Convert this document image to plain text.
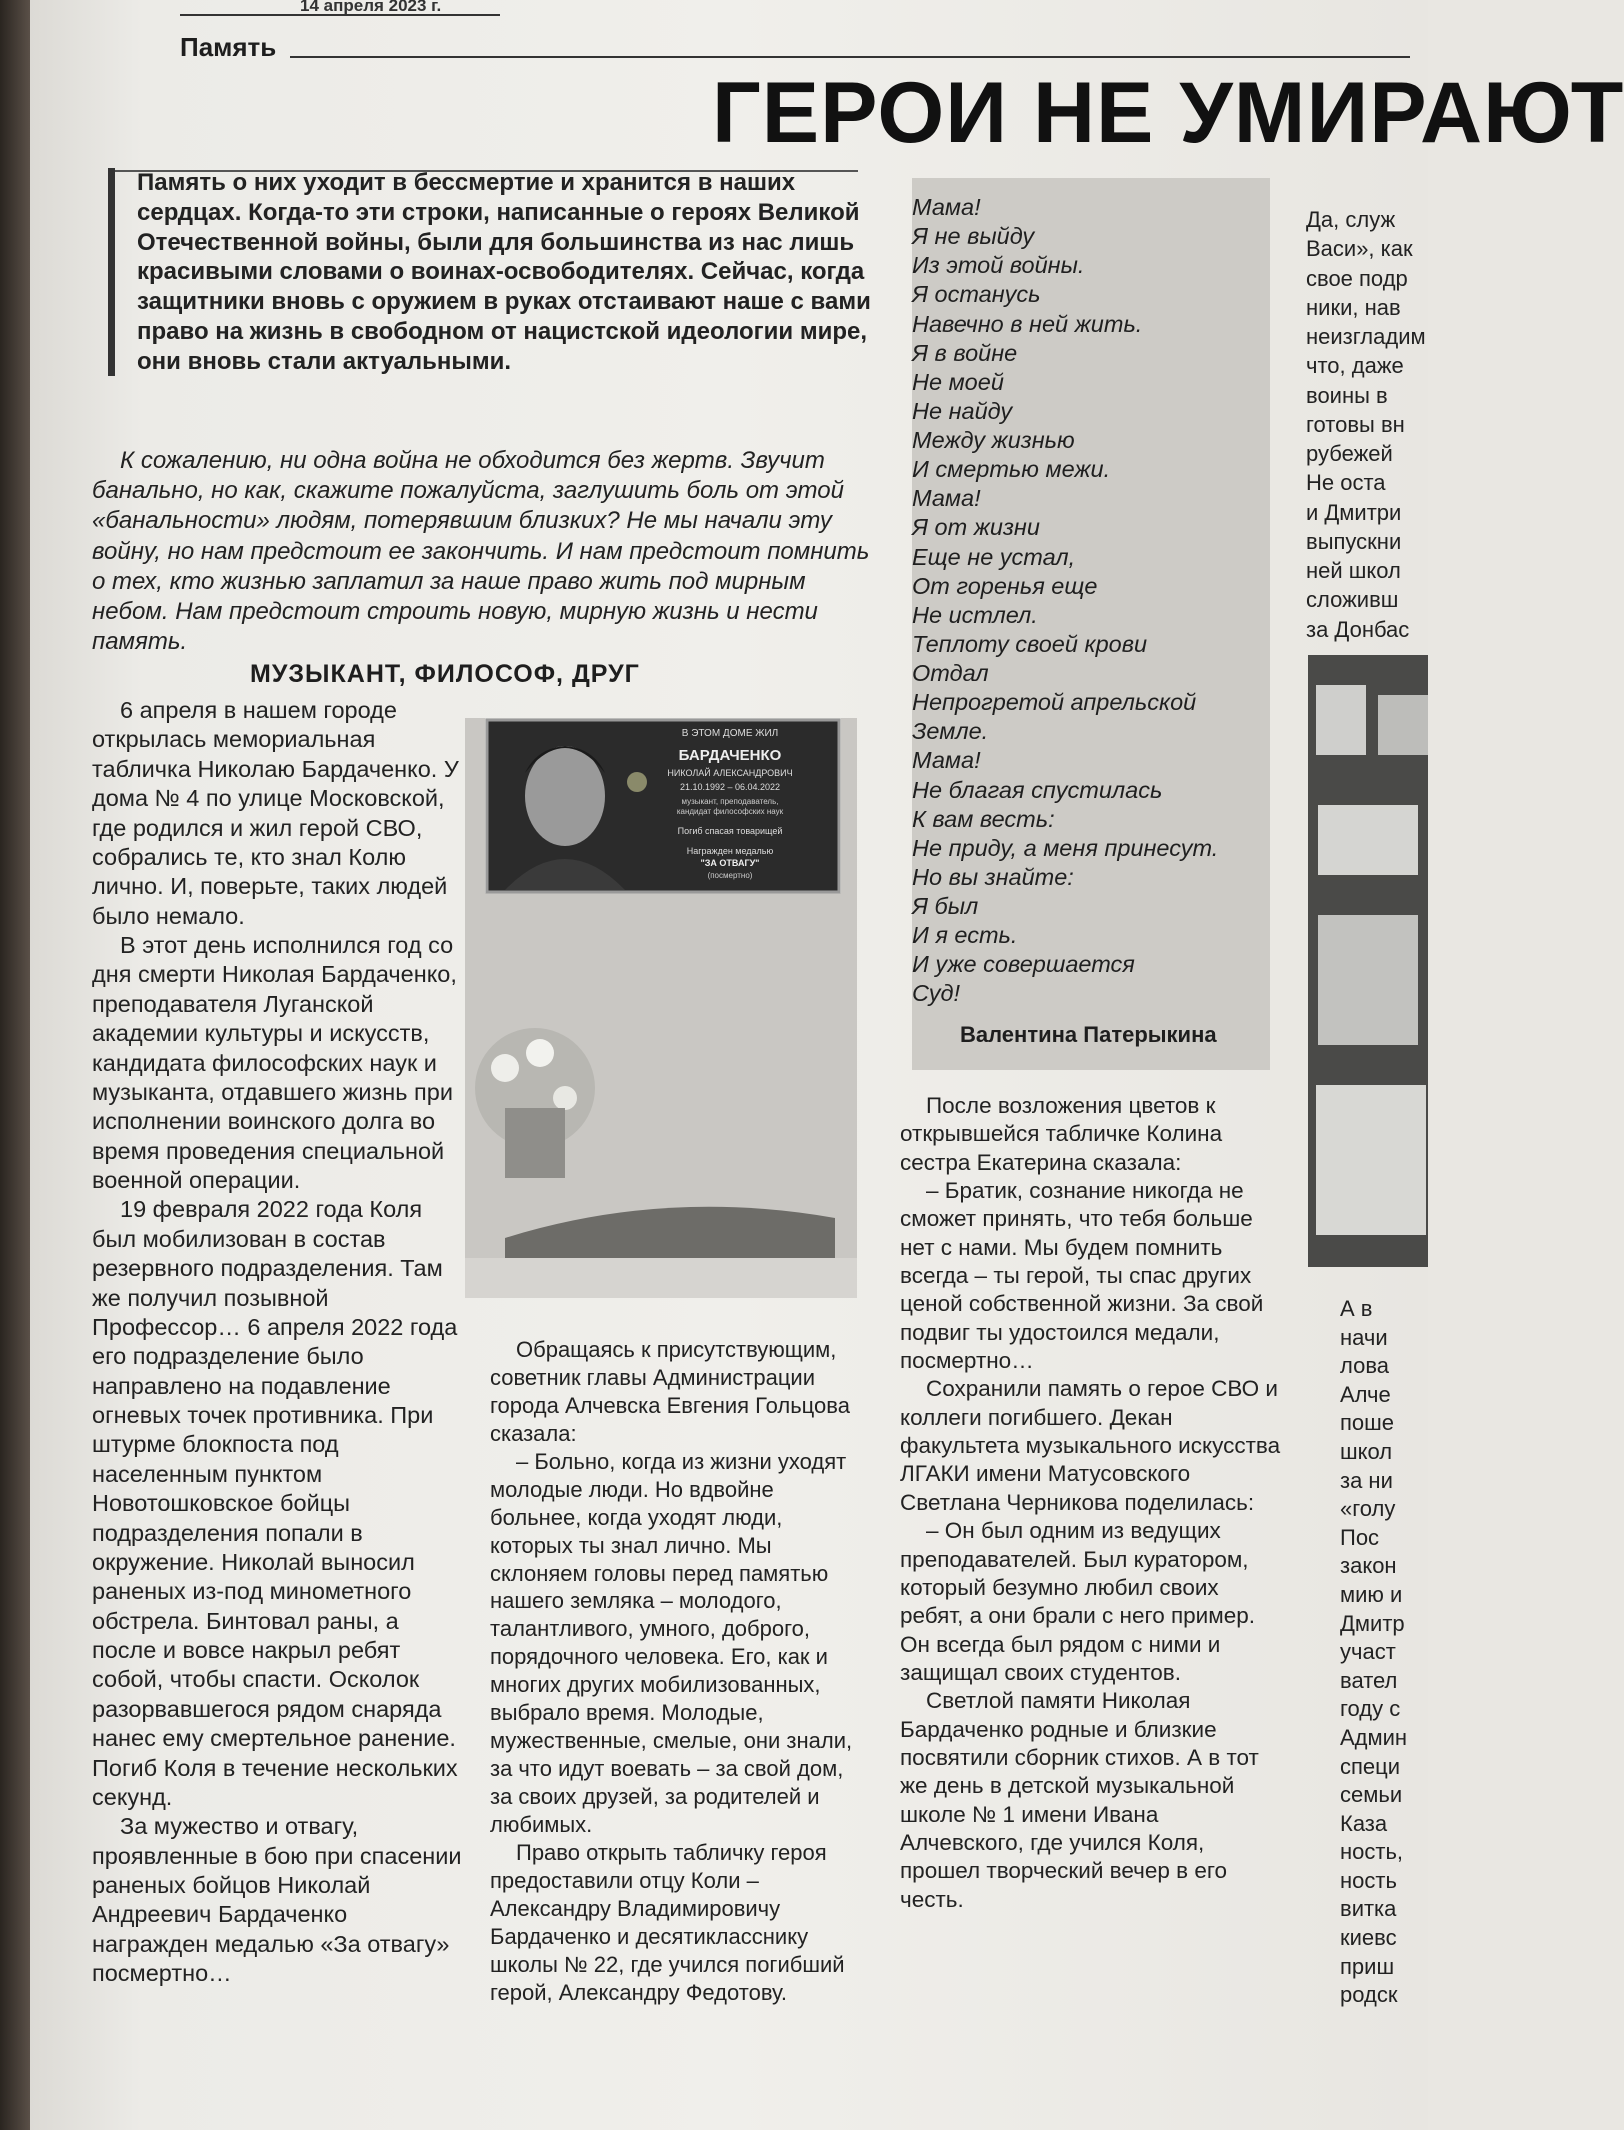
14 апреля 2023 г.
Память
ГЕРОИ НЕ УМИРАЮТ

Память о них уходит в бессмертие и хранится в наших сердцах. Когда-то эти строки, написанные о героях Великой Отечественной войны, были для большинства из нас лишь красивыми словами о воинах-освободителях. Сейчас, когда защитники вновь с оружием в руках отстаивают наше с вами право на жизнь в свободном от нацистской идеологии мире, они вновь стали актуальными.

К сожалению, ни одна война не обходится без жертв. Звучит банально, но как, скажите пожалуйста, заглушить боль от этой «банальности» людям, потерявшим близких? Не мы начали эту войну, но нам предстоит ее закончить. И нам предстоит помнить о тех, кто жизнью заплатил за наше право жить под мирным небом. Нам предстоит строить новую, мирную жизнь и нести память.

МУЗЫКАНТ, ФИЛОСОФ, ДРУГ

6 апреля в нашем городе открылась мемориальная табличка Николаю Бардаченко. У дома № 4 по улице Московской, где родился и жил герой СВО, собрались те, кто знал Колю лично. И, поверьте, таких людей было немало.

В этот день исполнился год со дня смерти Николая Бардаченко, преподавателя Луганской академии культуры и искусств, кандидата философских наук и музыканта, отдавшего жизнь при исполнении воинского долга во время проведения специальной военной операции.

19 февраля 2022 года Коля был мобилизован в состав резервного подразделения. Там же получил позывной Профессор… 6 апреля 2022 года его подразделение было направлено на подавление огневых точек противника. При штурме блокпоста под населенным пунктом Новотошковское бойцы подразделения попали в окружение. Николай выносил раненых из-под минометного обстрела. Бинтовал раны, а после и вовсе накрыл ребят собой, чтобы спасти. Осколок разорвавшегося рядом снаряда нанес ему смертельное ранение. Погиб Коля в течение нескольких секунд.

За мужество и отвагу, проявленные в бою при спасении раненых бойцов Николай Андреевич Бардаченко награжден медалью «За отвагу» посмертно…

В ЭТОМ ДОМЕ ЖИЛ
БАРДАЧЕНКО
НИКОЛАЙ АЛЕКСАНДРОВИЧ
21.10.1992 – 06.04.2022
музыкант, преподаватель,
кандидат философских наук
Погиб спасая товарищей
Награжден медалью
"ЗА ОТВАГУ"
(посмертно)

Обращаясь к присутствующим, советник главы Администрации города Алчевска Евгения Гольцова сказала:

– Больно, когда из жизни уходят молодые люди. Но вдвойне больнее, когда уходят люди, которых ты знал лично. Мы склоняем головы перед памятью нашего земляка – молодого, талантливого, умного, доброго, порядочного человека. Его, как и многих других мобилизованных, выбрало время. Молодые, мужественные, смелые, они знали, за что идут воевать – за свой дом, за своих друзей, за родителей и любимых.

Право открыть табличку героя предоставили отцу Коли – Александру Владимировичу Бардаченко и десятикласснику школы № 22, где учился погибший герой, Александру Федотову.

Мама!
Я не выйду
Из этой войны.
Я останусь
Навечно в ней жить.
Я в войне
Не моей
Не найду
Между жизнью
И смертью межи.
Мама!
Я от жизни
Еще не устал,
От горенья еще
Не истлел.
Теплоту своей крови
Отдал
Непрогретой апрельской
Земле.
Мама!
Не благая спустилась
К вам весть:
Не приду, а меня принесут.
Но вы знайте:
Я был
И я есть.
И уже совершается
Суд!
Валентина Патерыкина

После возложения цветов к открывшейся табличке Колина сестра Екатерина сказала:

– Братик, сознание никогда не сможет принять, что тебя больше нет с нами. Мы будем помнить всегда – ты герой, ты спас других ценой собственной жизни. За свой подвиг ты удостоился медали, посмертно…

Сохранили память о герое СВО и коллеги погибшего. Декан факультета музыкального искусства ЛГАКИ имени Матусовского Светлана Черникова поделилась:

– Он был одним из ведущих преподавателей. Был куратором, который безумно любил своих ребят, а они брали с него пример. Он всегда был рядом с ними и защищал своих студентов.

Светлой памяти Николая Бардаченко родные и близкие посвятили сборник стихов. А в тот же день в детской музыкальной школе № 1 имени Ивана Алчевского, где учился Коля, прошел творческий вечер в его честь.

Да, служ
Васи», как
свое подр
ники, нав
неизгладим
что, даже
воины в
готовы вн
рубежей
Не оста
и Дмитри
выпускни
ней школ
сложивш
за Донбас
А в
начи
лова
Алче
поше
школ
за ни
«голу
Пос
закон
мию и
Дмитр
участ
вател
году с
Админ
специ
семьи
Каза
ность,
ность
витка
киевс
приш
родск
